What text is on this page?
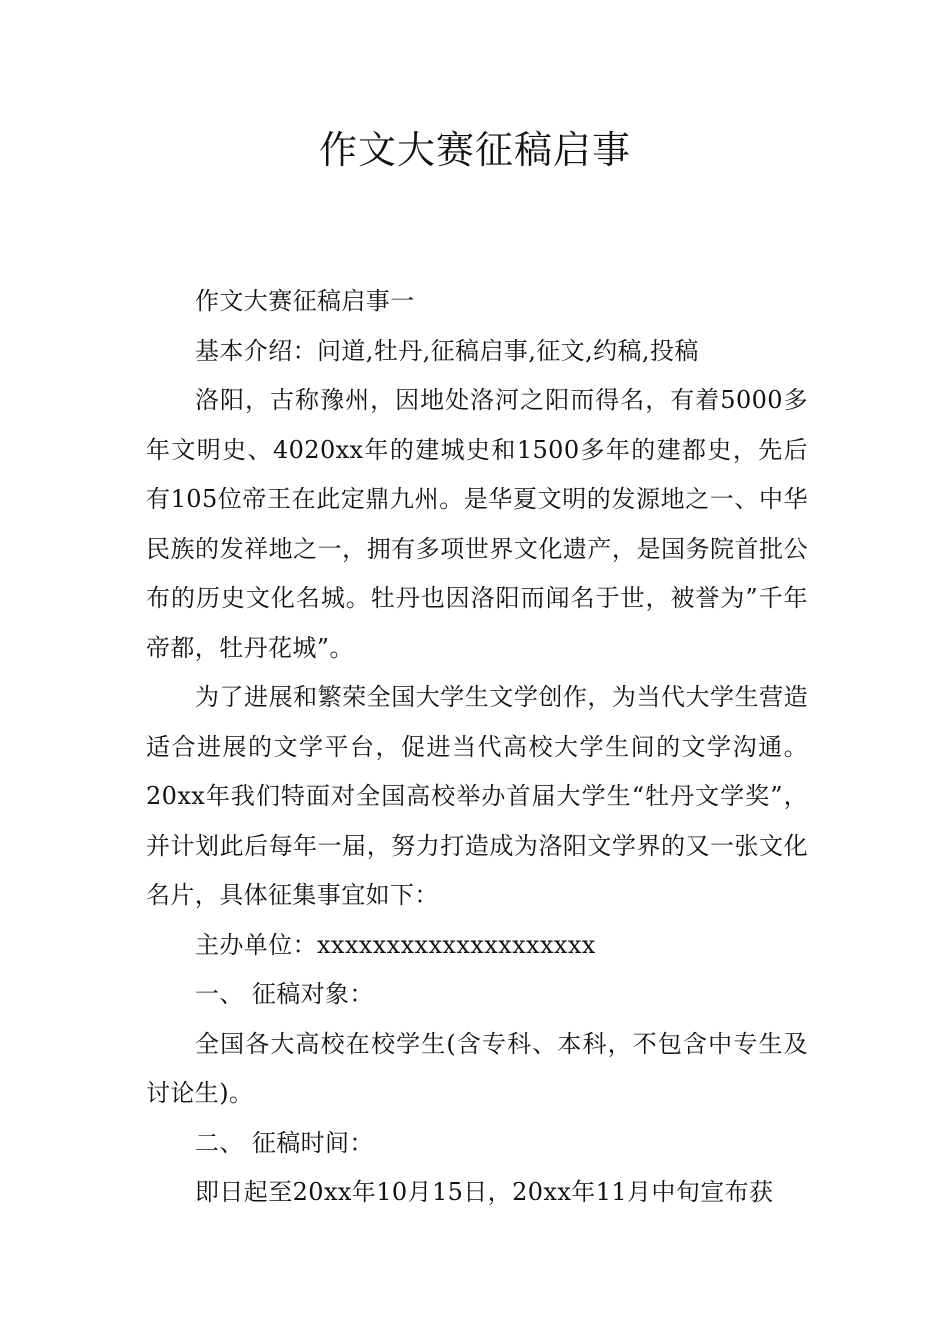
作文大赛征稿启事

作文大赛征稿启事一

基本介绍：问道,牡丹,征稿启事,征文,约稿,投稿

洛阳，古称豫州，因地处洛河之阳而得名，有着5000多年文明史、4020xx年的建城史和1500多年的建都史，先后有105位帝王在此定鼎九州。是华夏文明的发源地之一、中华民族的发祥地之一，拥有多项世界文化遗产，是国务院首批公布的历史文化名城。牡丹也因洛阳而闻名于世，被誉为”千年帝都，牡丹花城”。

为了进展和繁荣全国大学生文学创作，为当代大学生营造适合进展的文学平台，促进当代高校大学生间的文学沟通。20xx年我们特面对全国高校举办首届大学生“牡丹文学奖”，并计划此后每年一届，努力打造成为洛阳文学界的又一张文化名片，具体征集事宜如下：

主办单位：xxxxxxxxxxxxxxxxxxxx

一、 征稿对象：

全国各大高校在校学生(含专科、本科，不包含中专生及讨论生)。

二、 征稿时间：

即日起至20xx年10月15日，20xx年11月中旬宣布获
